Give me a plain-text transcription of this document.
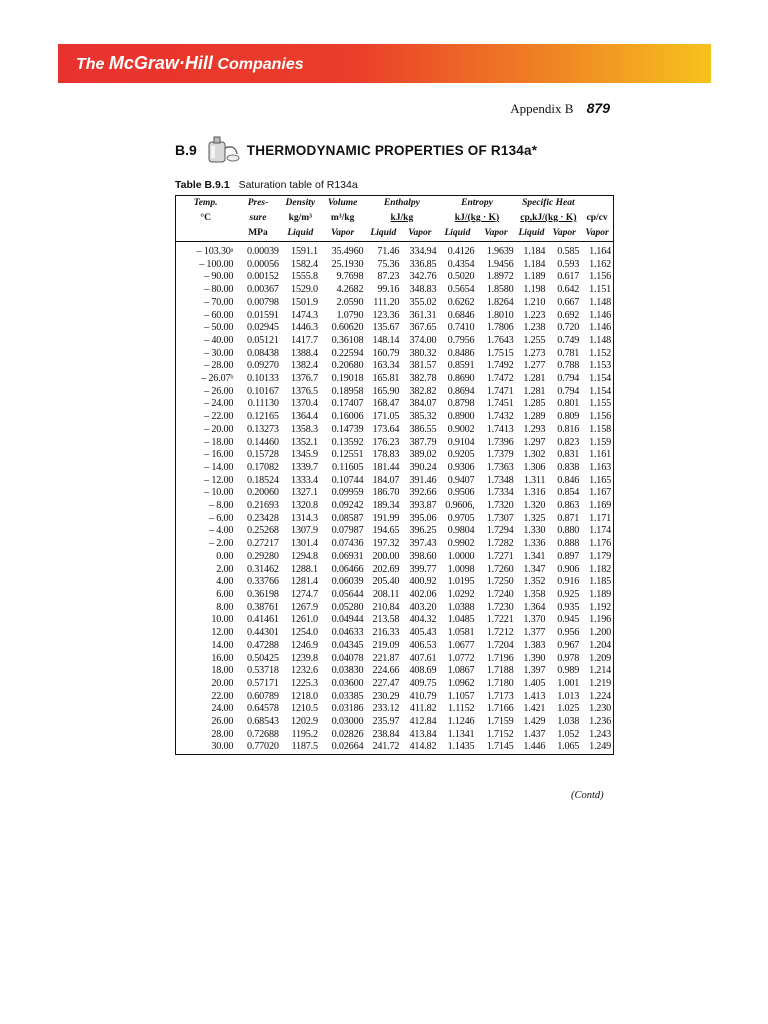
The McGraw·Hill Companies
Appendix B 879
B.9	THERMODYNAMIC PROPERTIES OF R134a*
Table B.9.1 Saturation table of R134a
Temp.	Pres-	Density	Volume	Enthalpy		Entropy		Specific Heat		
°C	sure	kg/m³	m³/kg	kJ/kg		kJ/(kg · K)		cp,kJ/(kg · K)		cp/cv
	MPa	Liquid	Vapor	Liquid	Vapor	Liquid	Vapor	Liquid	Vapor	Vapor
– 103.30ᵃ	0.00039	1591.1	35.4960	71.46	334.94	0.4126	1.9639	1.184	0.585	1.164
– 100.00	0.00056	1582.4	25.1930	75.36	336.85	0.4354	1.9456	1.184	0.593	1.162
– 90.00	0.00152	1555.8	9.7698	87.23	342.76	0.5020	1.8972	1.189	0.617	1.156
– 80.00	0.00367	1529.0	4.2682	99.16	348.83	0.5654	1.8580	1.198	0.642	1.151
– 70.00	0.00798	1501.9	2.0590	111.20	355.02	0.6262	1.8264	1.210	0.667	1.148
– 60.00	0.01591	1474.3	1.0790	123.36	361.31	0.6846	1.8010	1.223	0.692	1.146
– 50.00	0.02945	1446.3	0.60620	135.67	367.65	0.7410	1.7806	1.238	0.720	1.146
– 40.00	0.05121	1417.7	0.36108	148.14	374.00	0.7956	1.7643	1.255	0.749	1.148
– 30.00	0.08438	1388.4	0.22594	160.79	380.32	0.8486	1.7515	1.273	0.781	1.152
– 28.00	0.09270	1382.4	0.20680	163.34	381.57	0.8591	1.7492	1.277	0.788	1.153
– 26.07ᵇ	0.10133	1376.7	0.19018	165.81	382.78	0.8690	1.7472	1.281	0.794	1.154
– 26.00	0.10167	1376.5	0.18958	165.90	382.82	0.8694	1.7471	1.281	0.794	1.154
– 24.00	0.11130	1370.4	0.17407	168.47	384.07	0.8798	1.7451	1.285	0.801	1.155
– 22.00	0.12165	1364.4	0.16006	171.05	385.32	0.8900	1.7432	1.289	0.809	1.156
– 20.00	0.13273	1358.3	0.14739	173.64	386.55	0.9002	1.7413	1.293	0.816	1.158
– 18.00	0.14460	1352.1	0.13592	176.23	387.79	0.9104	1.7396	1.297	0.823	1.159
– 16.00	0.15728	1345.9	0.12551	178.83	389.02	0.9205	1.7379	1.302	0.831	1.161
– 14.00	0.17082	1339.7	0.11605	181.44	390.24	0.9306	1.7363	1.306	0.838	1.163
– 12.00	0.18524	1333.4	0.10744	184.07	391.46	0.9407	1.7348	1.311	0.846	1.165
– 10.00	0.20060	1327.1	0.09959	186.70	392.66	0.9506	1.7334	1.316	0.854	1.167
– 8.00	0.21693	1320.8	0.09242	189.34	393.87	0.9606,	1.7320	1.320	0.863	1.169
– 6.00	0.23428	1314.3	0.08587	191.99	395.06	0.9705	1.7307	1.325	0.871	1.171
– 4.00	0.25268	1307.9	0.07987	194.65	396.25	0.9804	1.7294	1.330	0.880	1.174
– 2.00	0.27217	1301.4	0.07436	197.32	397.43	0.9902	1.7282	1.336	0.888	1.176
0.00	0.29280	1294.8	0.06931	200.00	398.60	1.0000	1.7271	1.341	0.897	1.179
2.00	0.31462	1288.1	0.06466	202.69	399.77	1.0098	1.7260	1.347	0.906	1.182
4.00	0.33766	1281.4	0.06039	205.40	400.92	1.0195	1.7250	1.352	0.916	1.185
6.00	0.36198	1274.7	0.05644	208.11	402.06	1.0292	1.7240	1.358	0.925	1.189
8.00	0.38761	1267.9	0.05280	210.84	403.20	1.0388	1.7230	1.364	0.935	1.192
10.00	0.41461	1261.0	0.04944	213.58	404.32	1.0485	1.7221	1.370	0.945	1.196
12.00	0.44301	1254.0	0.04633	216.33	405.43	1.0581	1.7212	1.377	0.956	1.200
14.00	0.47288	1246.9	0.04345	219.09	406.53	1.0677	1.7204	1.383	0.967	1.204
16.00	0.50425	1239.8	0.04078	221.87	407.61	1.0772	1.7196	1.390	0.978	1.209
18.00	0.53718	1232.6	0.03830	224.66	408.69	1.0867	1.7188	1.397	0.989	1.214
20.00	0.57171	1225.3	0.03600	227.47	409.75	1.0962	1.7180	1.405	1.001	1.219
22.00	0.60789	1218.0	0.03385	230.29	410.79	1.1057	1.7173	1.413	1.013	1.224
24.00	0.64578	1210.5	0.03186	233.12	411.82	1.1152	1.7166	1.421	1.025	1.230
26.00	0.68543	1202.9	0.03000	235.97	412.84	1.1246	1.7159	1.429	1.038	1.236
28.00	0.72688	1195.2	0.02826	238.84	413.84	1.1341	1.7152	1.437	1.052	1.243
30.00	0.77020	1187.5	0.02664	241.72	414.82	1.1435	1.7145	1.446	1.065	1.249
(Contd)
